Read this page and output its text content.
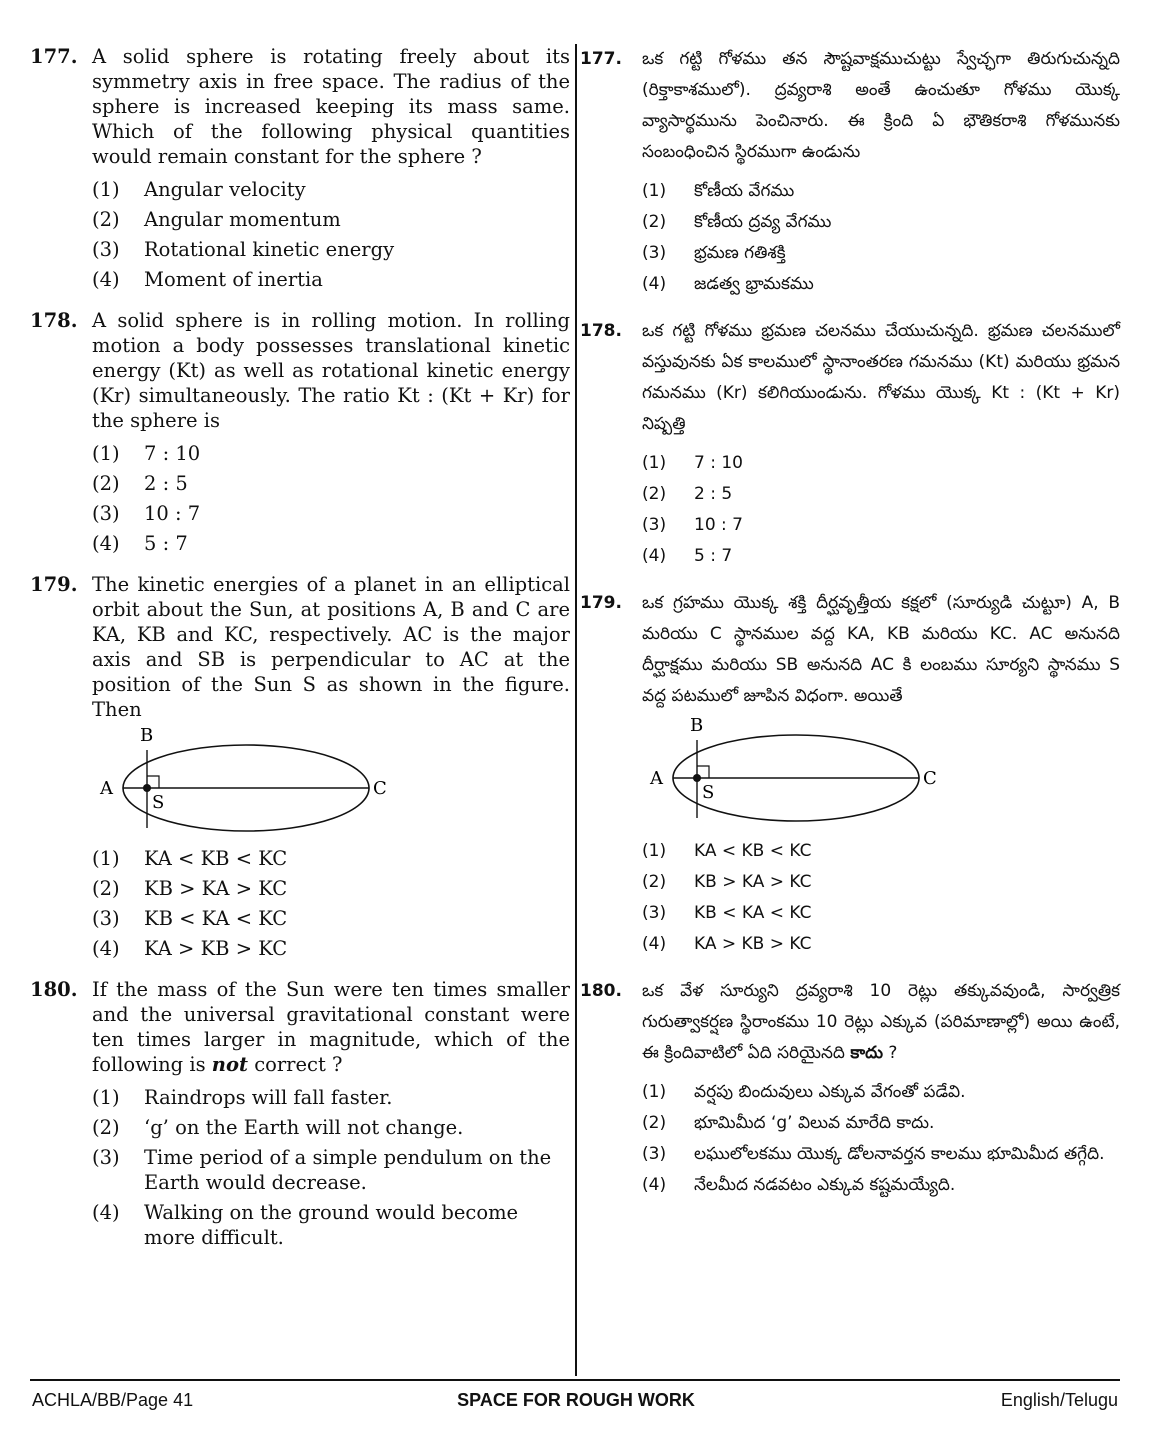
177. A solid sphere is rotating freely about its symmetry axis in free space. The radius of the sphere is increased keeping its mass same. Which of the following physical quantities would remain constant for the sphere ?
(1)	Angular velocity
(2)	Angular momentum
(3)	Rotational kinetic energy
(4)	Moment of inertia
178. A solid sphere is in rolling motion. In rolling motion a body possesses translational kinetic energy (Kt) as well as rotational kinetic energy (Kr) simultaneously. The ratio Kt : (Kt + Kr) for the sphere is
(1)	7 : 10
(2)	2 : 5
(3)	10 : 7
(4)	5 : 7
179. The kinetic energies of a planet in an elliptical orbit about the Sun, at positions A, B and C are KA, KB and KC, respectively. AC is the major axis and SB is perpendicular to AC at the position of the Sun S as shown in the figure. Then
B
A	C
S
(1)	KA < KB < KC
(2)	KB > KA > KC
(3)	KB < KA < KC
(4)	KA > KB > KC
180. If the mass of the Sun were ten times smaller and the universal gravitational constant were ten times larger in magnitude, which of the following is not correct ?
(1)	Raindrops will fall faster.
(2)	‘g’ on the Earth will not change.
(3)	Time period of a simple pendulum on the Earth would decrease.
(4)	Walking on the ground would become more difficult.
177. ఒక గట్టి గోళము తన సౌష్టవాక్షముచుట్టు స్వేచ్ఛగా తిరుగుచున్నది (రిక్తాకాశములో). ద్రవ్యరాశి అంతే ఉంచుతూ గోళము యొక్క వ్యాసార్థమును పెంచినారు. ఈ క్రింది ఏ భౌతికరాశి గోళమునకు సంబంధించిన స్థిరముగా ఉండును
(1)	కోణీయ వేగము
(2)	కోణీయ ద్రవ్య వేగము
(3)	భ్రమణ గతిశక్తి
(4)	జడత్వ భ్రామకము
178. ఒక గట్టి గోళము భ్రమణ చలనము చేయుచున్నది. భ్రమణ చలనములో వస్తువునకు ఏక కాలములో స్థానాంతరణ గమనము (Kt) మరియు భ్రమన గమనము (Kr) కలిగియుండును. గోళము యొక్క Kt : (Kt + Kr) నిష్పత్తి
(1)	7 : 10
(2)	2 : 5
(3)	10 : 7
(4)	5 : 7
179. ఒక గ్రహము యొక్క శక్తి దీర్ఘవృత్తీయ కక్షలో (సూర్యుడి చుట్టూ) A, B మరియు C స్థానముల వద్ద KA, KB మరియు KC. AC అనునది దీర్ఘాక్షము మరియు SB అనునది AC కి లంబము సూర్యని స్థానము S వద్ద పటములో జూపిన విధంగా. అయితే
B
A	C
S
(1)	KA < KB < KC
(2)	KB > KA > KC
(3)	KB < KA < KC
(4)	KA > KB > KC
180. ఒక వేళ సూర్యుని ద్రవ్యరాశి 10 రెట్లు తక్కువవుండి, సార్వత్రిక గురుత్వాకర్షణ స్థిరాంకము 10 రెట్లు ఎక్కువ (పరిమాణాల్లో) అయి ఉంటే, ఈ క్రిందివాటిలో ఏది సరియైనది కాదు ?
(1)	వర్షపు బిందువులు ఎక్కువ వేగంతో పడేవి.
(2)	భూమిమీద ‘g’ విలువ మారేది కాదు.
(3)	లఘులోలకము యొక్క డోలనావర్తన కాలము భూమిమీద తగ్గేది.
(4)	నేలమీద నడవటం ఎక్కువ కష్టమయ్యేది.
ACHLA/BB/Page 41	SPACE FOR ROUGH WORK	English/Telugu
